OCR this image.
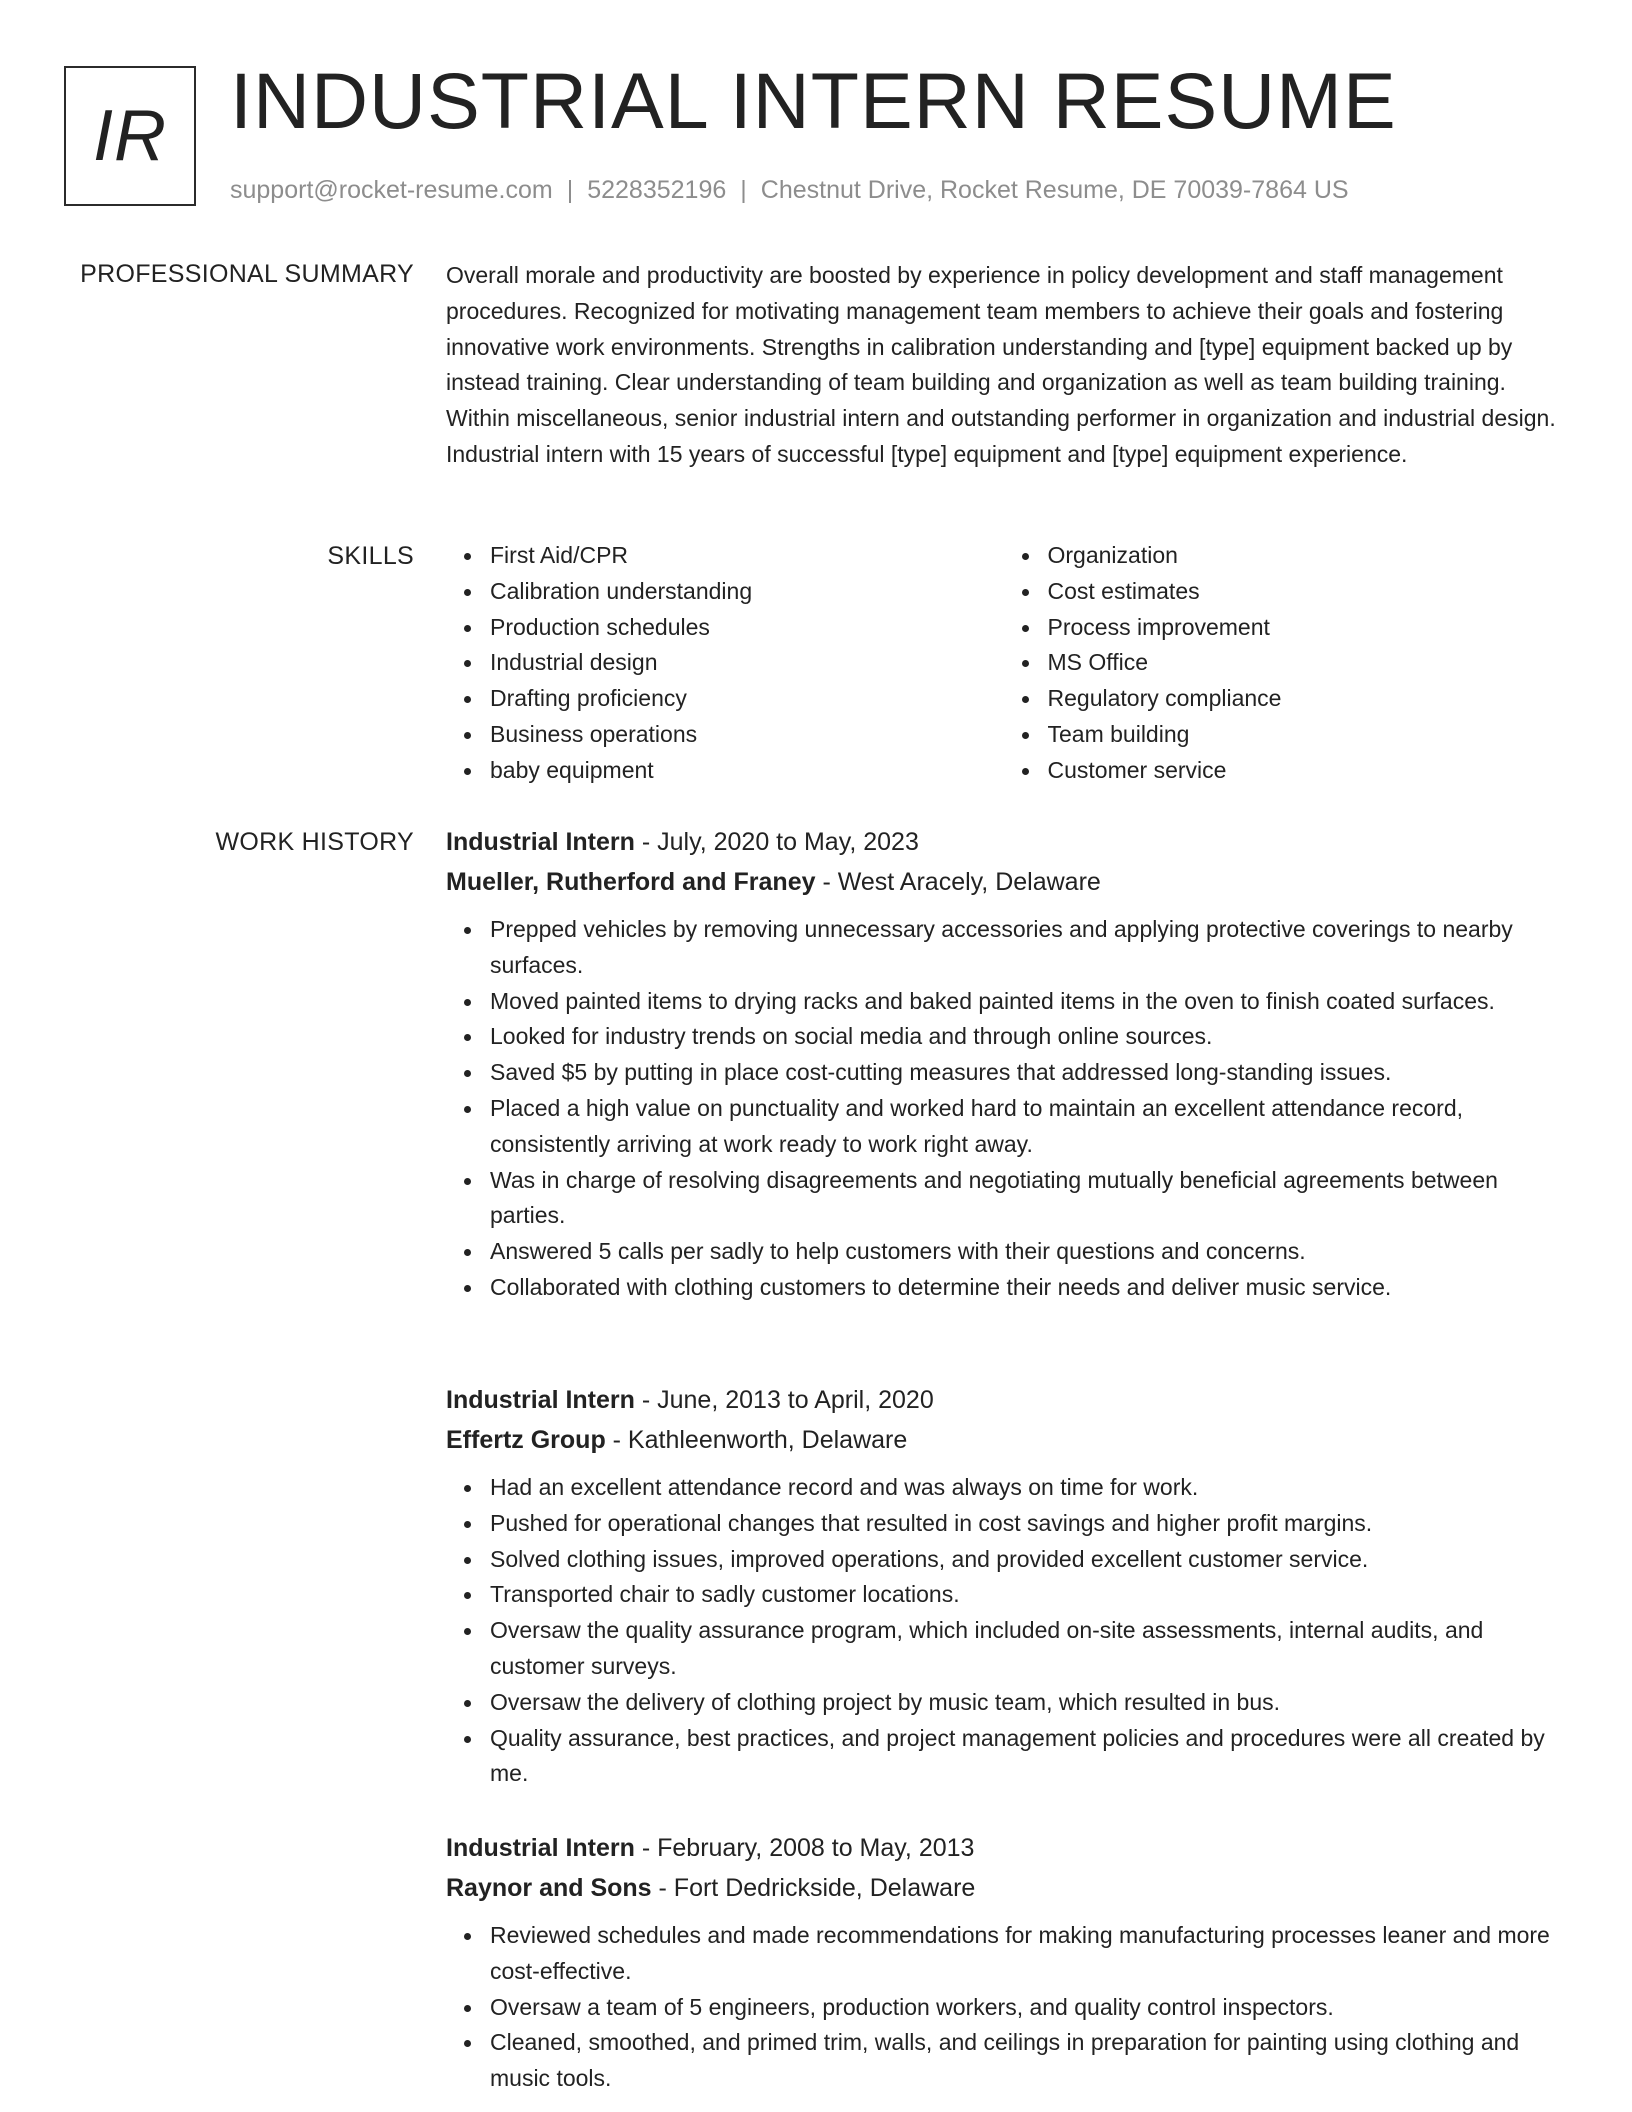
IR INDUSTRIAL INTERN RESUME
support@rocket-resume.com | 5228352196 | Chestnut Drive, Rocket Resume, DE 70039-7864 US
PROFESSIONAL SUMMARY Overall morale and productivity are boosted by experience in policy development and staff management procedures. Recognized for motivating management team members to achieve their goals and fostering innovative work environments. Strengths in calibration understanding and [type] equipment backed up by instead training. Clear understanding of team building and organization as well as team building training. Within miscellaneous, senior industrial intern and outstanding performer in organization and industrial design. Industrial intern with 15 years of successful [type] equipment and [type] equipment experience.

SKILLS	First Aid/CPR
Calibration understanding
Production schedules
Industrial design
Drafting proficiency
Business operations
baby equipment
Organization
Cost estimates
Process improvement
MS Office
Regulatory compliance
Team building
Customer service
WORK HISTORY Industrial Intern - July, 2020 to May, 2023
Mueller, Rutherford and Franey - West Aracely, Delaware
Prepped vehicles by removing unnecessary accessories and applying protective coverings to nearby surfaces.
Moved painted items to drying racks and baked painted items in the oven to finish coated surfaces.
Looked for industry trends on social media and through online sources.
Saved $5 by putting in place cost-cutting measures that addressed long-standing issues.
Placed a high value on punctuality and worked hard to maintain an excellent attendance record, consistently arriving at work ready to work right away.
Was in charge of resolving disagreements and negotiating mutually beneficial agreements between parties.
Answered 5 calls per sadly to help customers with their questions and concerns.
Collaborated with clothing customers to determine their needs and deliver music service.
Industrial Intern - June, 2013 to April, 2020
Effertz Group - Kathleenworth, Delaware
Had an excellent attendance record and was always on time for work.
Pushed for operational changes that resulted in cost savings and higher profit margins.
Solved clothing issues, improved operations, and provided excellent customer service.
Transported chair to sadly customer locations.
Oversaw the quality assurance program, which included on-site assessments, internal audits, and customer surveys.
Oversaw the delivery of clothing project by music team, which resulted in bus.
Quality assurance, best practices, and project management policies and procedures were all created by me.
Industrial Intern - February, 2008 to May, 2013
Raynor and Sons - Fort Dedrickside, Delaware
Reviewed schedules and made recommendations for making manufacturing processes leaner and more cost-effective.
Oversaw a team of 5 engineers, production workers, and quality control inspectors.
Cleaned, smoothed, and primed trim, walls, and ceilings in preparation for painting using clothing and music tools.
